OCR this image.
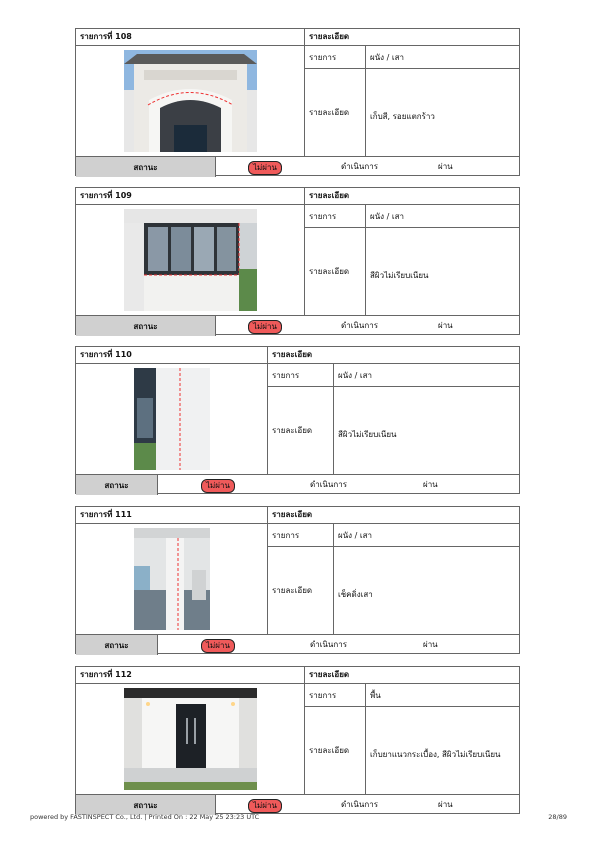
รายการที่ 108	รายละเอียด
รายการ	ผนัง / เสา
รายละเอียด	เก็บสี, รอยแตกร้าว
สถานะ	ไม่ผ่าน	ดำเนินการ	ผ่าน
รายการที่ 109	รายละเอียด
รายการ	ผนัง / เสา
รายละเอียด	สีผิวไม่เรียบเนียน
สถานะ	ไม่ผ่าน	ดำเนินการ	ผ่าน
รายการที่ 110	รายละเอียด
รายการ	ผนัง / เสา
รายละเอียด	สีผิวไม่เรียบเนียน
สถานะ	ไม่ผ่าน	ดำเนินการ	ผ่าน
รายการที่ 111	รายละเอียด
รายการ	ผนัง / เสา
รายละเอียด	เช็คดิ่งเสา
สถานะ	ไม่ผ่าน	ดำเนินการ	ผ่าน
รายการที่ 112	รายละเอียด
รายการ	พื้น
รายละเอียด	เก็บยาแนวกระเบื้อง, สีผิวไม่เรียบเนียน
สถานะ	ไม่ผ่าน	ดำเนินการ	ผ่าน
powered by FASTINSPECT Co., Ltd. | Printed On : 22 May 25 23:23 UTC	28/89
